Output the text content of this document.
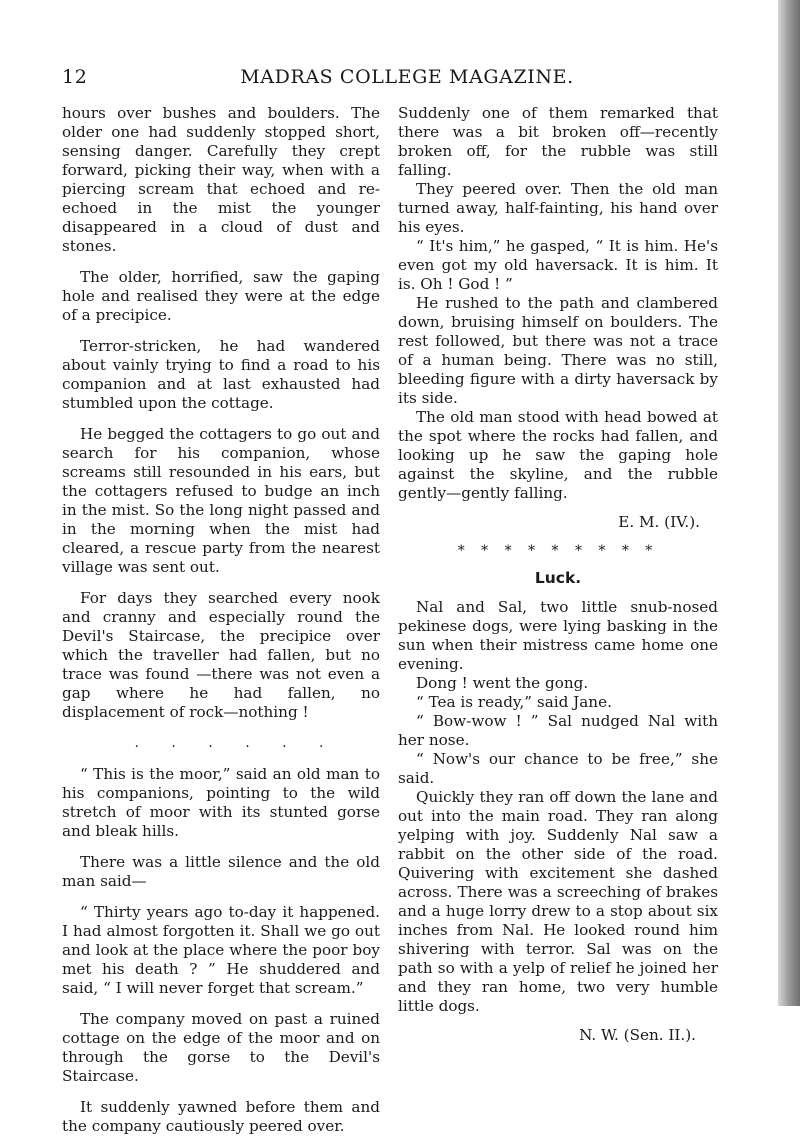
12	MADRAS COLLEGE MAGAZINE.

hours over bushes and boulders. The older one had suddenly stopped short, sensing danger. Carefully they crept forward, picking their way, when with a piercing scream that echoed and re-echoed in the mist the younger disappeared in a cloud of dust and stones.

The older, horrified, saw the gaping hole and realised they were at the edge of a precipice.

Terror-stricken, he had wandered about vainly trying to find a road to his companion and at last exhausted had stumbled upon the cottage.

He begged the cottagers to go out and search for his companion, whose screams still resounded in his ears, but the cottagers refused to budge an inch in the mist. So the long night passed and in the morning when the mist had cleared, a rescue party from the nearest village was sent out.

For days they searched every nook and cranny and especially round the Devil's Staircase, the precipice over which the traveller had fallen, but no trace was found —there was not even a gap where he had fallen, no displacement of rock—nothing !

. . . . . .

“ This is the moor,” said an old man to his companions, pointing to the wild stretch of moor with its stunted gorse and bleak hills.

There was a little silence and the old man said—

“ Thirty years ago to-day it happened. I had almost forgotten it. Shall we go out and look at the place where the poor boy met his death ? ” He shuddered and said, “ I will never forget that scream.”

The company moved on past a ruined cottage on the edge of the moor and on through the gorse to the Devil's Staircase.

It suddenly yawned before them and the company cautiously peered over.

Suddenly one of them remarked that there was a bit broken off—recently broken off, for the rubble was still falling.

They peered over. Then the old man turned away, half-fainting, his hand over his eyes.

“ It's him,” he gasped, “ It is him. He's even got my old haversack. It is him. It is. Oh ! God ! ”

He rushed to the path and clambered down, bruising himself on boulders. The rest followed, but there was not a trace of a human being. There was no still, bleeding figure with a dirty haversack by its side.

The old man stood with head bowed at the spot where the rocks had fallen, and looking up he saw the gaping hole against the skyline, and the rubble gently—gently falling.

E. M. (IV.).
* * * * * * * * *
Luck.

Nal and Sal, two little snub-nosed pekinese dogs, were lying basking in the sun when their mistress came home one evening.

Dong ! went the gong.

“ Tea is ready,” said Jane.

“ Bow-wow ! ” Sal nudged Nal with her nose.

“ Now's our chance to be free,” she said.

Quickly they ran off down the lane and out into the main road. They ran along yelping with joy. Suddenly Nal saw a rabbit on the other side of the road. Quivering with excitement she dashed across. There was a screeching of brakes and a huge lorry drew to a stop about six inches from Nal. He looked round him shivering with terror. Sal was on the path so with a yelp of relief he joined her and they ran home, two very humble little dogs.

N. W. (Sen. II.).
